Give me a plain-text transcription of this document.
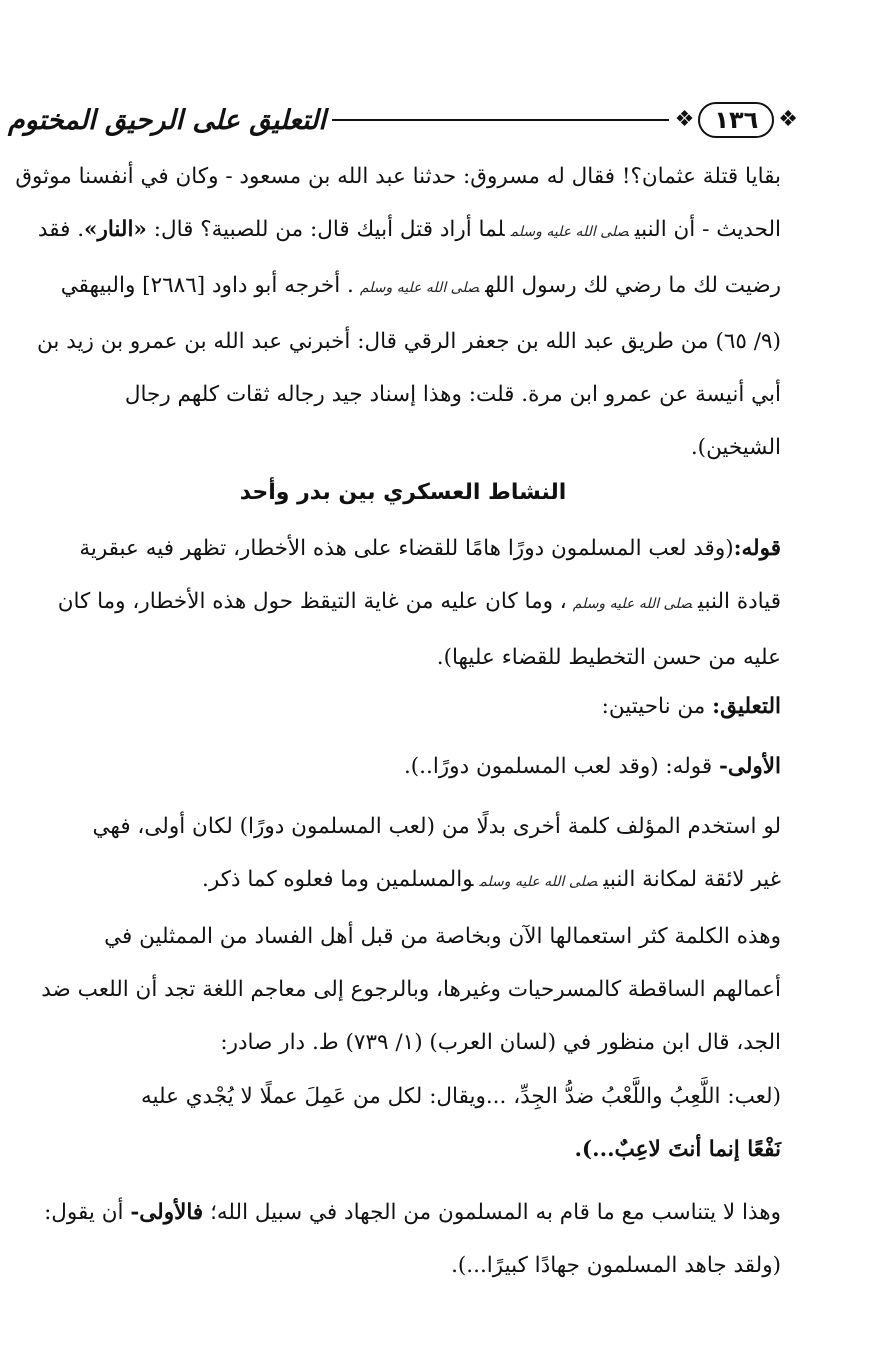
❖ ١٣٦ ❖
التعليق على الرحيق المختوم
بقايا قتلة عثمان؟! فقال له مسروق: حدثنا عبد الله بن مسعود - وكان في أنفسنا موثوق
الحديث - أن النبيصلى الله عليه وسلملما أراد قتل أبيك قال: من للصبية؟ قال: «النار». فقد
رضيت لك ما رضي لك رسول اللهصلى الله عليه وسلم. أخرجه أبو داود [٢٦٨٦] والبيهقي
(٩/ ٦٥) من طريق عبد الله بن جعفر الرقي قال: أخبرني عبد الله بن عمرو بن زيد بن
أبي أنيسة عن عمرو ابن مرة. قلت: وهذا إسناد جيد رجاله ثقات كلهم رجال
الشيخين).
النشاط العسكري بين بدر وأحد
قوله:(وقد لعب المسلمون دورًا هامًا للقضاء على هذه الأخطار، تظهر فيه عبقرية
قيادة النبيصلى الله عليه وسلم، وما كان عليه من غاية التيقظ حول هذه الأخطار، وما كان
عليه من حسن التخطيط للقضاء عليها).
التعليق: من ناحيتين:
الأولى- قوله: (وقد لعب المسلمون دورًا..).
لو استخدم المؤلف كلمة أخرى بدلًا من (لعب المسلمون دورًا) لكان أولى، فهي
غير لائقة لمكانة النبيصلى الله عليه وسلموالمسلمين وما فعلوه كما ذكر.
وهذه الكلمة كثر استعمالها الآن وبخاصة من قبل أهل الفساد من الممثلين في
أعمالهم الساقطة كالمسرحيات وغيرها، وبالرجوع إلى معاجم اللغة تجد أن اللعب ضد
الجد، قال ابن منظور في (لسان العرب) (١/ ٧٣٩) ط. دار صادر:
(لعب: اللَّعِبُ واللَّعْبُ ضدُّ الجِدِّ، ...ويقال: لكل من عَمِلَ عملًا لا يُجْدي عليه
نَفْعًا إنما أنتَ لاعِبٌ...).
وهذا لا يتناسب مع ما قام به المسلمون من الجهاد في سبيل الله؛ فالأولى- أن يقول:
(ولقد جاهد المسلمون جهادًا كبيرًا...).
